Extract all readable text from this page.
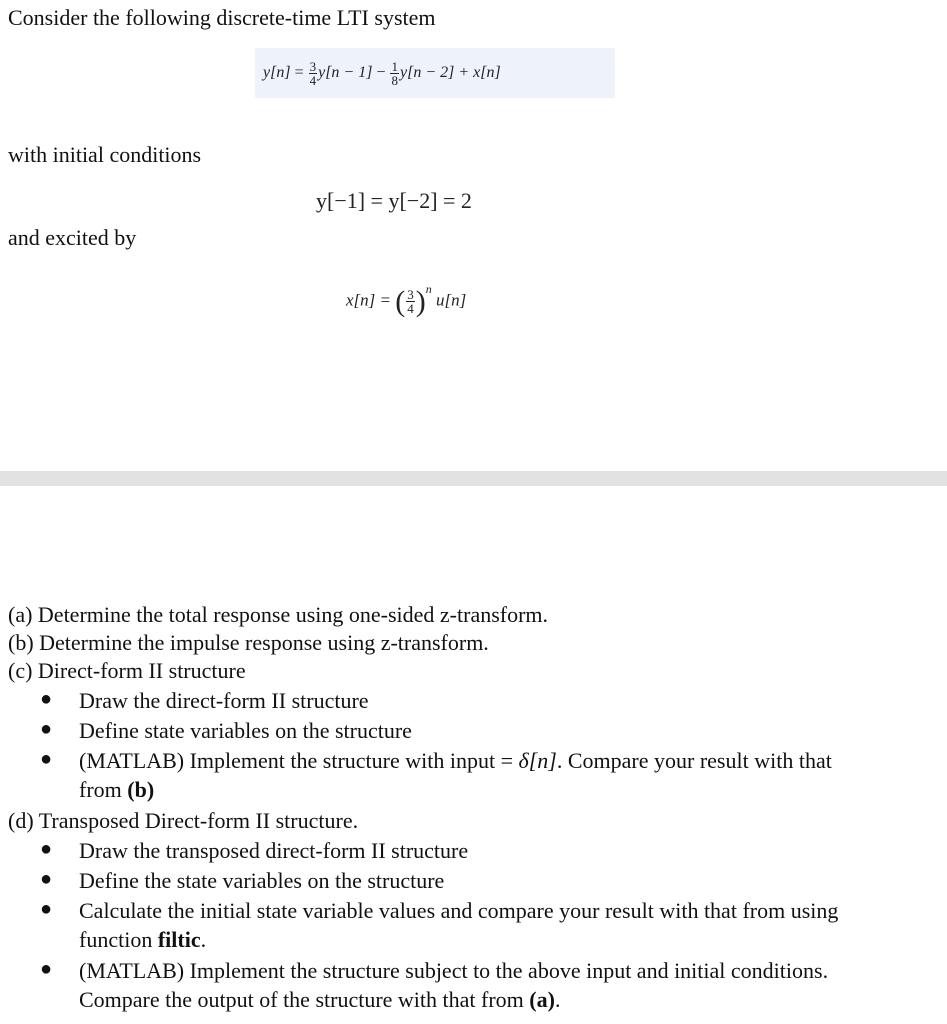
Consider the following discrete-time LTI system
$y[n] = \frac{3}{4} y[n - 1] - \frac{1}{8} y[n - 2] + x[n]$
with initial conditions
y[−1] = y[−2] = 2
and excited by
x[n] = ( $\frac{3}{4} )^n$ u[n]
(a) Determine the total response using one-sided z-transform.
(b) Determine the impulse response using z-transform.
(c) Direct-form II structure
● Draw the direct-form II structure
● Define state variables on the structure
● (MATLAB) Implement the structure with input = δ[n]. Compare your result with that
from (b)
(d) Transposed Direct-form II structure.
● Draw the transposed direct-form II structure
● Define the state variables on the structure
● Calculate the initial state variable values and compare your result with that from using
function filtic.
● (MATLAB) Implement the structure subject to the above input and initial conditions.
Compare the output of the structure with that from (a).
